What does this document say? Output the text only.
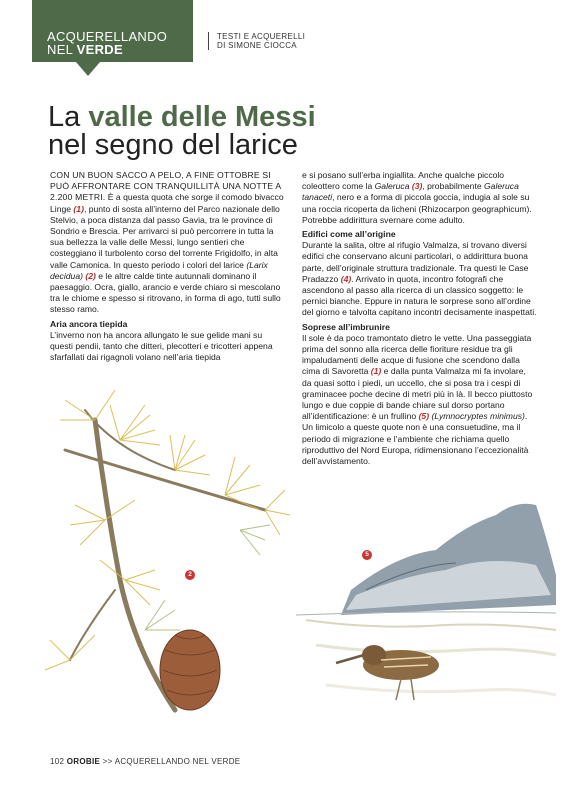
ACQUERELLANDO
NEL VERDE
TESTI E ACQUERELLI
DI SIMONE CIOCCA
La valle delle Messi
nel segno del larice

CON UN BUON SACCO A PELO, A FINE OTTOBRE SI PUÒ AFFRONTARE CON TRANQUILLITÀ UNA NOTTE A 2.200 METRI. È a questa quota che sorge il comodo bivacco Linge (1), punto di sosta all’interno del Parco nazionale dello Stelvio, a poca distanza dal passo Gavia, tra le province di Sondrio e Brescia. Per arrivarci si può percorrere in tutta la sua bellezza la valle delle Messi, lungo sentieri che costeggiano il turbolento corso del torrente Frigidolfo, in alta valle Camonica. In questo periodo i colori del larice (Larix decidua) (2) e le altre calde tinte autunnali dominano il paesaggio. Ocra, giallo, arancio e verde chiaro si mescolano tra le chiome e spesso si ritrovano, in forma di ago, tutti sullo stesso ramo.

Aria ancora tiepida

L’inverno non ha ancora allungato le sue gelide mani su questi pendii, tanto che ditteri, plecotteri e tricotteri appena sfarfallati dai rigagnoli volano nell’aria tiepida

e si posano sull’erba ingiallita. Anche qualche piccolo coleottero come la Galeruca (3), probabilmente Galeruca tanaceti, nero e a forma di piccola goccia, indugia al sole su una roccia ricoperta da licheni (Rhizocarpon geographicum). Potrebbe addirittura svernare come adulto.

Edifici come all’origine

Durante la salita, oltre al rifugio Valmalza, si trovano diversi edifici che conservano alcuni particolari, o addirittura buona parte, dell’originale struttura tradizionale. Tra questi le Case Pradazzo (4). Arrivato in quota, incontro fotografi che ascendono al passo alla ricerca di un classico soggetto: le pernici bianche. Eppure in natura le sorprese sono all’ordine del giorno e talvolta capitano incontri decisamente inaspettati.

Soprese all’imbrunire

Il sole è da poco tramontato dietro le vette. Una passeggiata prima del sonno alla ricerca delle fioriture residue tra gli impaludamenti delle acque di fusione che scendono dalla cima di Savoretta (1) e dalla punta Valmalza mi fa involare, da quasi sotto i piedi, un uccello, che si posa tra i cespi di graminacee poche decine di metri più in là. Il becco piuttosto lungo e due coppie di bande chiare sul dorso portano all’identificazione: è un frullino (5) (Lymnocryptes minimus). Un limicolo a queste quote non è una consuetudine, ma il periodo di migrazione e l’ambiente che richiama quello riproduttivo del Nord Europa, ridimensionano l’eccezionalità dell’avvistamento.

2
5
102 OROBIE >> ACQUERELLANDO NEL VERDE
